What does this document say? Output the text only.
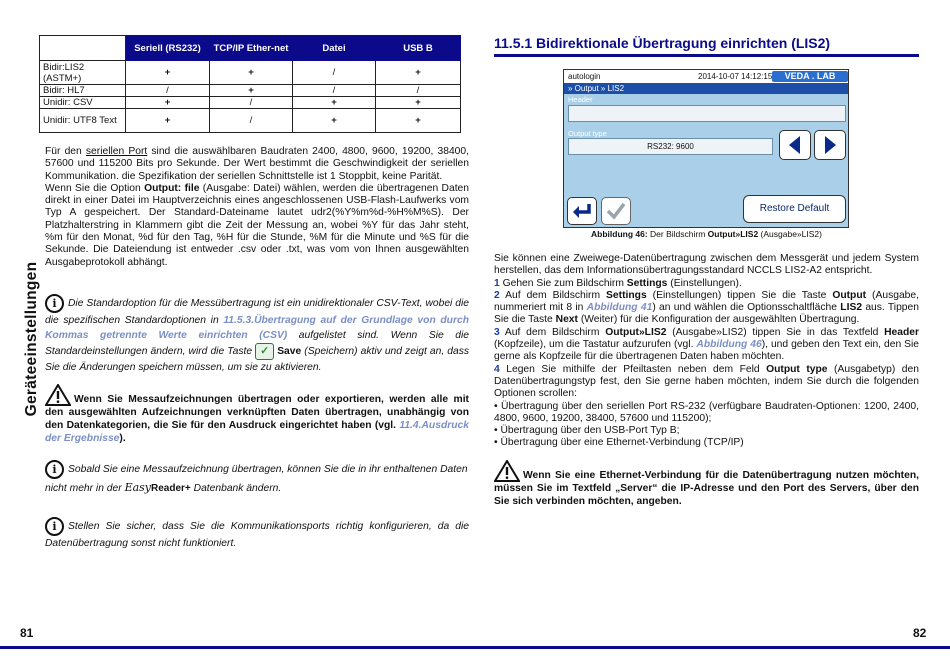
Geräteeinstellungen
	Seriell (RS232)	TCP/IP Ether-net	Datei	USB B
Bidir:LIS2 (ASTM+)	+	+	/	+
Bidir: HL7	/	+	/	/
Unidir: CSV	+	/	+	+
Unidir: UTF8 Text	+	/	+	+

Für den seriellen Port sind die auswählbaren Baudraten 2400, 4800, 9600, 19200, 38400, 57600 und 115200 Bits pro Sekunde. Der Wert bestimmt die Geschwindigkeit der seriellen Kommunikation. die Spezifikation der seriellen Schnittstelle ist 1 Stoppbit, keine Parität.

Wenn Sie die Option Output: file (Ausgabe: Datei) wählen, werden die übertragenen Daten direkt in einer Datei im Hauptverzeichnis eines angeschlossenen USB-Flash-Laufwerks vom Typ A gespeichert. Der Standard-Dateiname lautet udr2(%Y%m%d-%H%M%S). Der Platzhalterstring in Klammern gibt die Zeit der Messung an, wobei %Y für das Jahr steht, %m für den Monat, %d für den Tag, %H für die Stunde, %M für die Minute und %S für die Sekunde. Die Dateiendung ist entweder .csv oder .txt, was vom von Ihnen ausgewählten Ausgabeprotokoll abhängt.

i Die Standardoption für die Messübertragung ist ein unidirektionaler CSV-Text, wobei die die spezifischen Standardoptionen in 11.5.3.Übertragung auf der Grundlage von durch Kommas getrennte Werte einrichten (CSV) aufgelistet sind. Wenn Sie die Standardeinstellungen ändern, wird die Taste ✓ Save (Speichern) aktiv und zeigt an, dass Sie die Änderungen speichern müssen, um sie zu aktivieren.
Wenn Sie Messaufzeichnungen übertragen oder exportieren, werden alle mit den ausgewählten Aufzeichnungen verknüpften Daten übertragen, unabhängig von den Datenkategorien, die Sie für den Ausdruck eingerichtet haben (vgl. 11.4.Ausdruck der Ergebnisse).
i Sobald Sie eine Messaufzeichnung übertragen, können Sie die in ihr enthaltenen Daten nicht mehr in der EasyReader+ Datenbank ändern.
i Stellen Sie sicher, dass Sie die Kommunikationsports richtig konfigurieren, da die Datenübertragung sonst nicht funktioniert.
81
11.5.1 Bidirektionale Übertragung einrichten (LIS2)
autologin	2014-10-07 14:12:15	VEDA . LAB
» Output » LIS2
Header
Output type
RS232: 9600
Restore Default
Abbildung 46: Der Bildschirm Output»LIS2 (Ausgabe»LIS2)

Sie können eine Zweiwege-Datenübertragung zwischen dem Messgerät und jedem System herstellen, das dem Informationsübertragungsstandard NCCLS LIS2-A2 entspricht.

1 Gehen Sie zum Bildschirm Settings (Einstellungen).

2 Auf dem Bildschirm Settings (Einstellungen) tippen Sie die Taste Output (Ausgabe, nummeriert mit 8 in Abbildung 41) an und wählen die Optionsschaltfläche LIS2 aus. Tippen Sie die Taste Next (Weiter) für die Konfiguration der ausgewählten Übertragung.

3 Auf dem Bildschirm Output»LIS2 (Ausgabe»LIS2) tippen Sie in das Textfeld Header (Kopfzeile), um die Tastatur aufzurufen (vgl. Abbildung 46), und geben den Text ein, den Sie gerne als Kopfzeile für die übertragenen Daten haben möchten.

4 Legen Sie mithilfe der Pfeiltasten neben dem Feld Output type (Ausgabetyp) den Datenübertragungstyp fest, den Sie gerne haben möchten, indem Sie durch die folgenden Optionen scrollen:

• Übertragung über den seriellen Port RS-232 (verfügbare Baudraten-Optionen: 1200, 2400, 4800, 9600, 19200, 38400, 57600 und 115200);

• Übertragung über den USB-Port Typ B;

• Übertragung über eine Ethernet-Verbindung (TCP/IP)

Wenn Sie eine Ethernet-Verbindung für die Datenübertragung nutzen möchten, müssen Sie im Textfeld „Server“ die IP-Adresse und den Port des Servers, über den Sie sich verbinden möchten, angeben.
82
